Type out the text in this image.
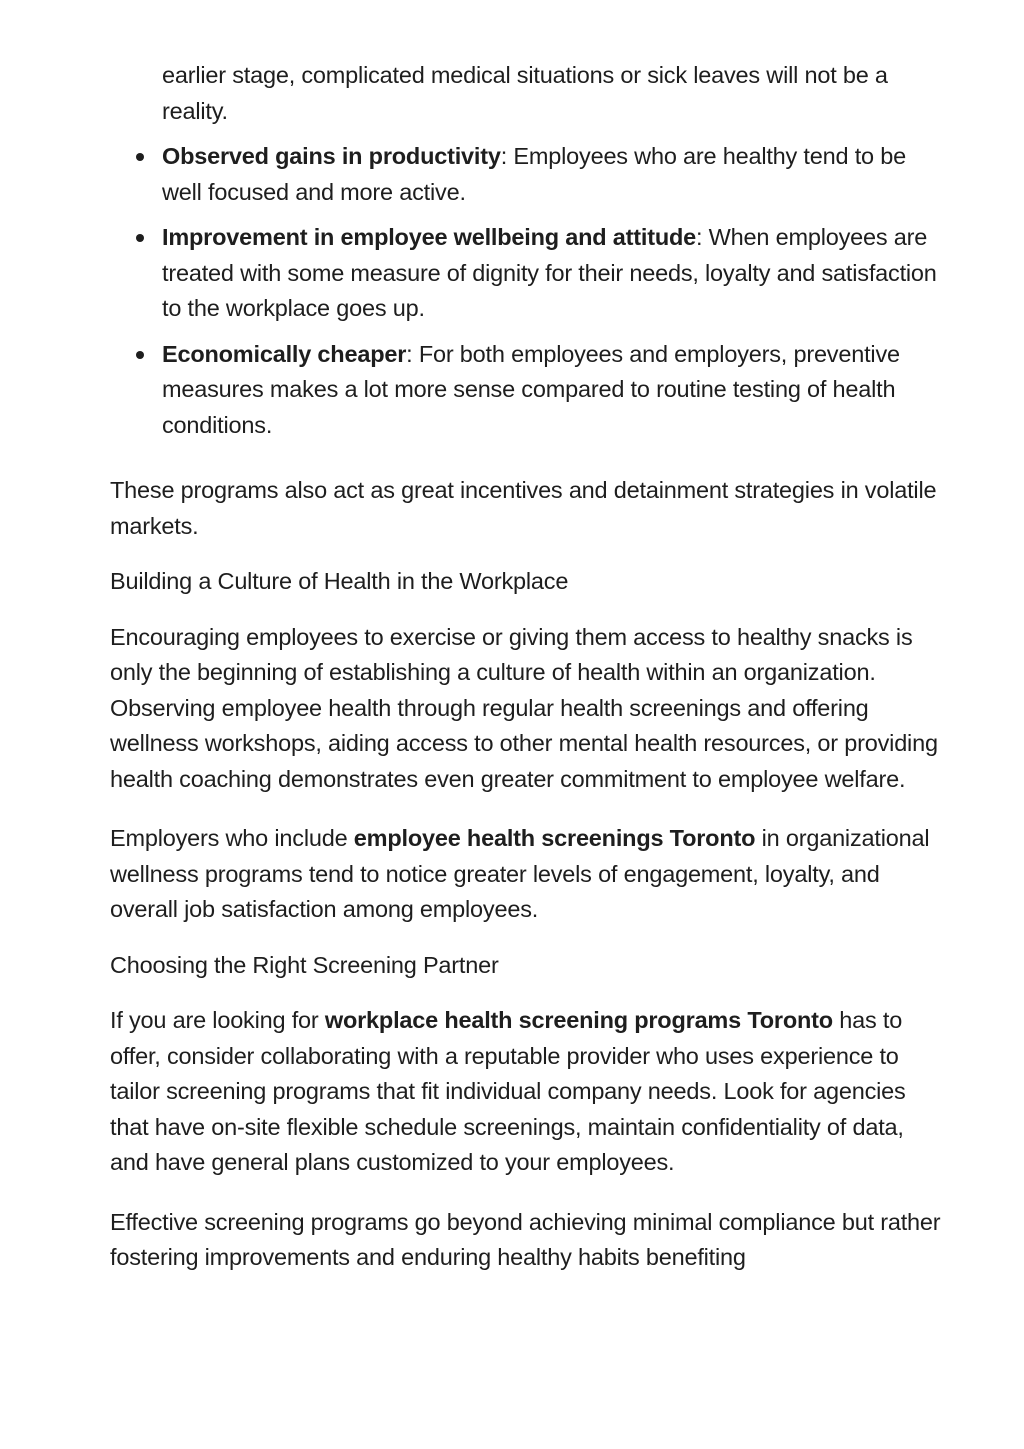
earlier stage, complicated medical situations or sick leaves will not be a reality.

Observed gains in productivity: Employees who are healthy tend to be well focused and more active.
Improvement in employee wellbeing and attitude: When employees are treated with some measure of dignity for their needs, loyalty and satisfaction to the workplace goes up.
Economically cheaper: For both employees and employers, preventive measures makes a lot more sense compared to routine testing of health conditions.

These programs also act as great incentives and detainment strategies in volatile markets.

Building a Culture of Health in the Workplace

Encouraging employees to exercise or giving them access to healthy snacks is only the beginning of establishing a culture of health within an organization. Observing employee health through regular health screenings and offering wellness workshops, aiding access to other mental health resources, or providing health coaching demonstrates even greater commitment to employee welfare.

Employers who include employee health screenings Toronto in organizational wellness programs tend to notice greater levels of engagement, loyalty, and overall job satisfaction among employees.

Choosing the Right Screening Partner

If you are looking for workplace health screening programs Toronto has to offer, consider collaborating with a reputable provider who uses experience to tailor screening programs that fit individual company needs. Look for agencies that have on-site flexible schedule screenings, maintain confidentiality of data, and have general plans customized to your employees.

Effective screening programs go beyond achieving minimal compliance but rather fostering improvements and enduring healthy habits benefiting
